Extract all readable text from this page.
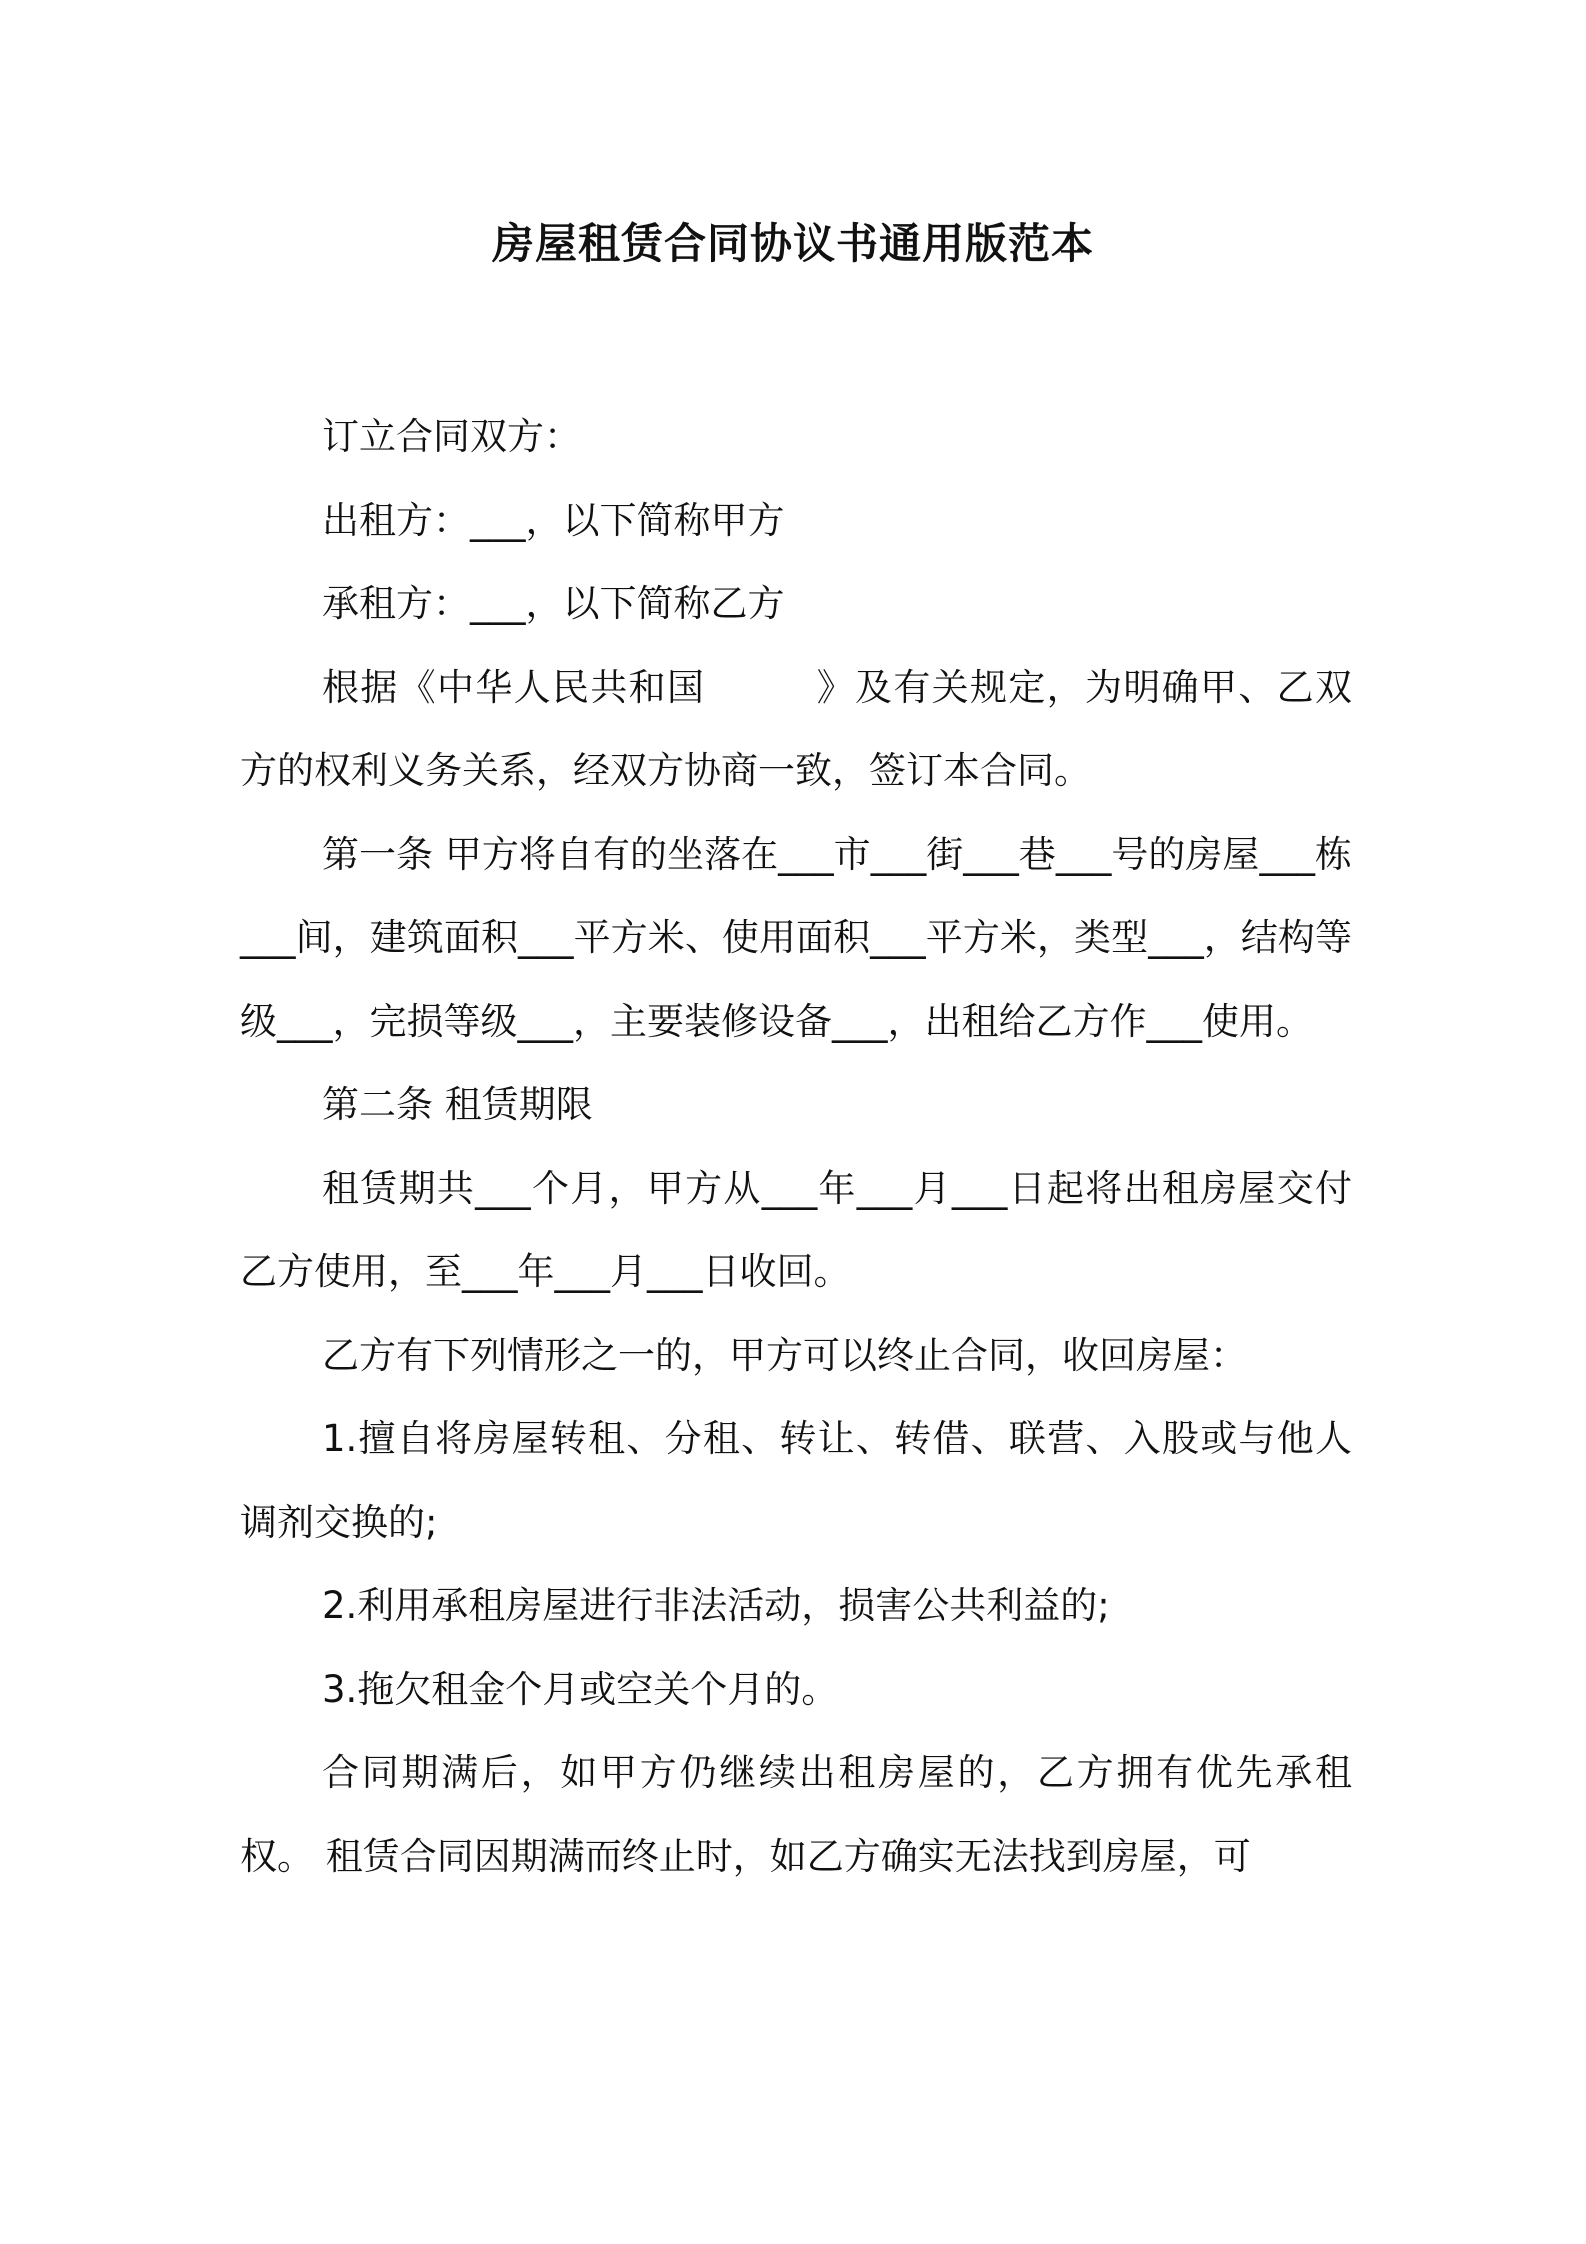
房屋租赁合同协议书通用版范本

订立合同双方：

出租方：___，以下简称甲方

承租方：___，以下简称乙方

根据《中华人民共和国	》及有关规定，为明确甲、乙双方的权利义务关系，经双方协商一致，签订本合同。

第一条 甲方将自有的坐落在___市___街___巷___号的房屋___栋___间，建筑面积___平方米、使用面积___平方米，类型___，结构等级___，完损等级___，主要装修设备___，出租给乙方作___使用。

第二条 租赁期限

租赁期共___个月，甲方从___年___月___日起将出租房屋交付乙方使用，至___年___月___日收回。

乙方有下列情形之一的，甲方可以终止合同，收回房屋：

1.擅自将房屋转租、分租、转让、转借、联营、入股或与他人调剂交换的;

2.利用承租房屋进行非法活动，损害公共利益的;

3.拖欠租金个月或空关个月的。

合同期满后，如甲方仍继续出租房屋的，乙方拥有优先承租权。 租赁合同因期满而终止时，如乙方确实无法找到房屋，可
